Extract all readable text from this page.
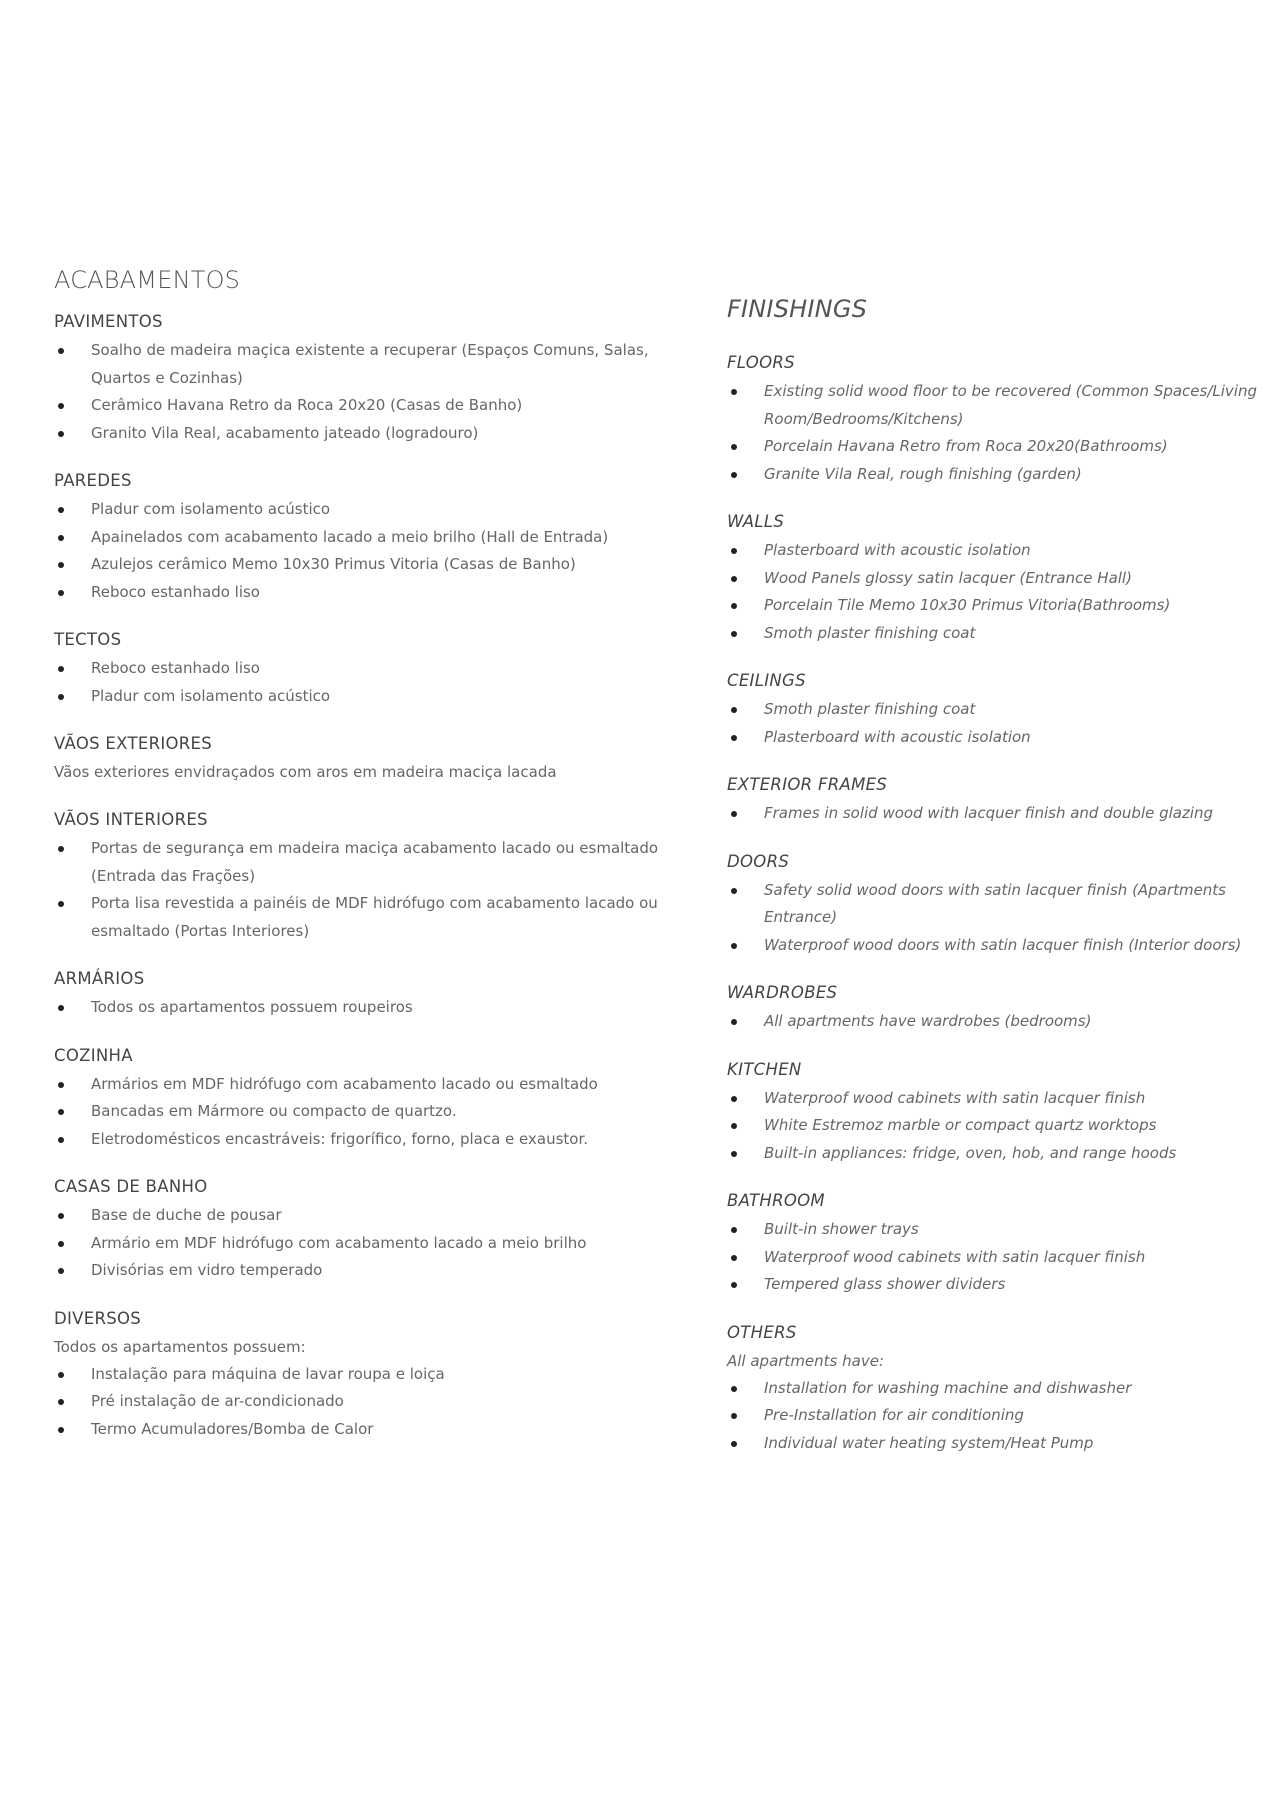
ACABAMENTOS
PAVIMENTOS
Soalho de madeira maçica existente a recuperar (Espaços Comuns, Salas, Quartos e Cozinhas)
Cerâmico Havana Retro da Roca 20x20 (Casas de Banho)
Granito Vila Real, acabamento jateado (logradouro)
PAREDES
Pladur com isolamento acústico
Apainelados com acabamento lacado a meio brilho (Hall de Entrada)
Azulejos cerâmico Memo 10x30 Primus Vitoria (Casas de Banho)
Reboco estanhado liso
TECTOS
Reboco estanhado liso
Pladur com isolamento acústico
VÃOS EXTERIORES

Vãos exteriores envidraçados com aros em madeira maciça lacada

VÃOS INTERIORES
Portas de segurança em madeira maciça acabamento lacado ou esmaltado (Entrada das Frações)
Porta lisa revestida a painéis de MDF hidrófugo com acabamento lacado ou esmaltado (Portas Interiores)
ARMÁRIOS
Todos os apartamentos possuem roupeiros
COZINHA
Armários em MDF hidrófugo com acabamento lacado ou esmaltado
Bancadas em Mármore ou compacto de quartzo.
Eletrodomésticos encastráveis: frigorífico, forno, placa e exaustor.
CASAS DE BANHO
Base de duche de pousar
Armário em MDF hidrófugo com acabamento lacado a meio brilho
Divisórias em vidro temperado
DIVERSOS

Todos os apartamentos possuem:

Instalação para máquina de lavar roupa e loiça
Pré instalação de ar-condicionado
Termo Acumuladores/Bomba de Calor
FINISHINGS
FLOORS
Existing solid wood floor to be recovered (Common Spaces/Living Room/Bedrooms/Kitchens)
Porcelain Havana Retro from Roca 20x20(Bathrooms)
Granite Vila Real, rough finishing (garden)
WALLS
Plasterboard with acoustic isolation
Wood Panels glossy satin lacquer (Entrance Hall)
Porcelain Tile Memo 10x30 Primus Vitoria(Bathrooms)
Smoth plaster finishing coat
CEILINGS
Smoth plaster finishing coat
Plasterboard with acoustic isolation
EXTERIOR FRAMES
Frames in solid wood with lacquer finish and double glazing
DOORS
Safety solid wood doors with satin lacquer finish (Apartments Entrance)
Waterproof wood doors with satin lacquer finish (Interior doors)
WARDROBES
All apartments have wardrobes (bedrooms)
KITCHEN
Waterproof wood cabinets with satin lacquer finish
White Estremoz marble or compact quartz worktops
Built-in appliances: fridge, oven, hob, and range hoods
BATHROOM
Built-in shower trays
Waterproof wood cabinets with satin lacquer finish
Tempered glass shower dividers
OTHERS

All apartments have:

Installation for washing machine and dishwasher
Pre-Installation for air conditioning
Individual water heating system/Heat Pump
